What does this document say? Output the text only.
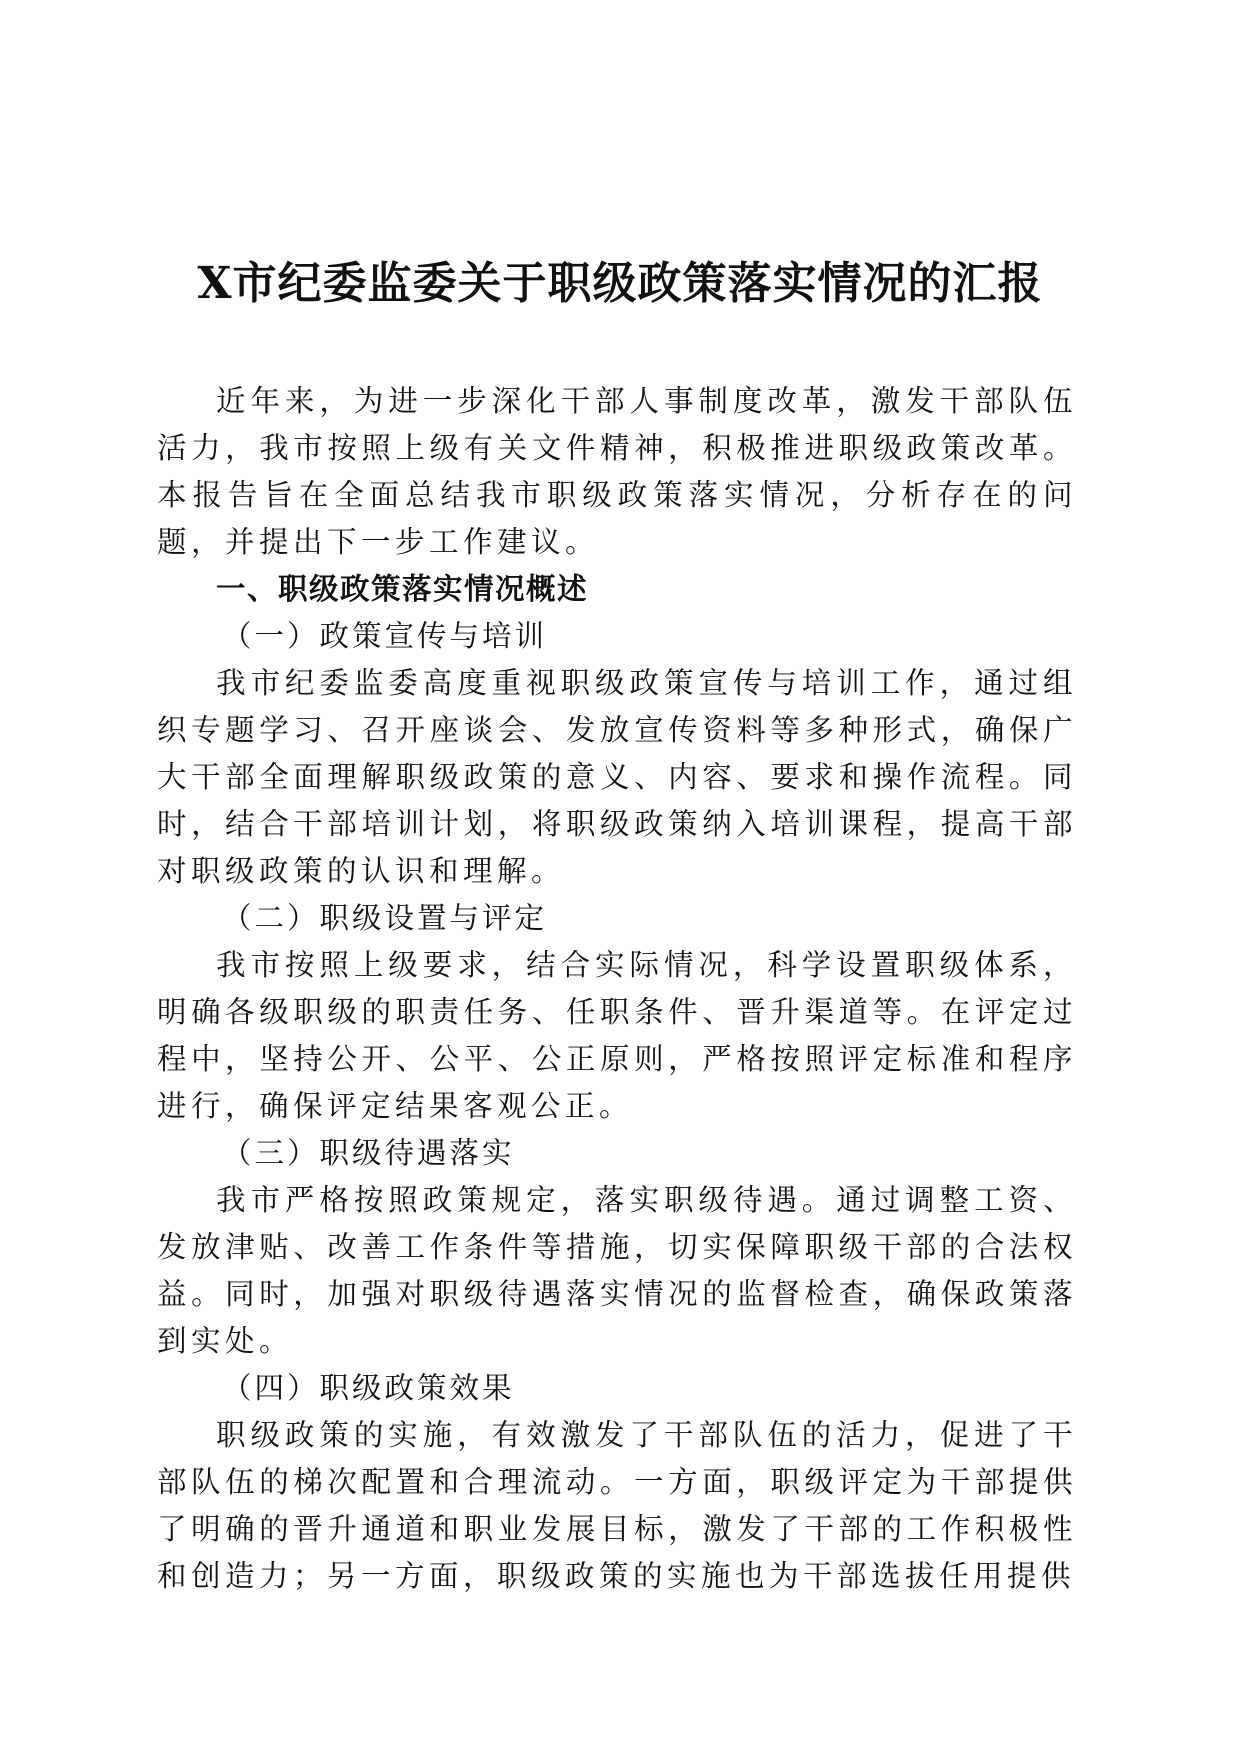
X市纪委监委关于职级政策落实情况的汇报

近年来，为进一步深化干部人事制度改革，激发干部队伍活力，我市按照上级有关文件精神，积极推进职级政策改革。本报告旨在全面总结我市职级政策落实情况，分析存在的问题，并提出下一步工作建议。

一、职级政策落实情况概述

（一）政策宣传与培训

我市纪委监委高度重视职级政策宣传与培训工作，通过组织专题学习、召开座谈会、发放宣传资料等多种形式，确保广大干部全面理解职级政策的意义、内容、要求和操作流程。同时，结合干部培训计划，将职级政策纳入培训课程，提高干部对职级政策的认识和理解。

（二）职级设置与评定

我市按照上级要求，结合实际情况，科学设置职级体系，明确各级职级的职责任务、任职条件、晋升渠道等。在评定过程中，坚持公开、公平、公正原则，严格按照评定标准和程序进行，确保评定结果客观公正。

（三）职级待遇落实

我市严格按照政策规定，落实职级待遇。通过调整工资、发放津贴、改善工作条件等措施，切实保障职级干部的合法权益。同时，加强对职级待遇落实情况的监督检查，确保政策落到实处。

（四）职级政策效果

职级政策的实施，有效激发了干部队伍的活力，促进了干部队伍的梯次配置和合理流动。一方面，职级评定为干部提供了明确的晋升通道和职业发展目标，激发了干部的工作积极性和创造力；另一方面，职级政策的实施也为干部选拔任用提供
